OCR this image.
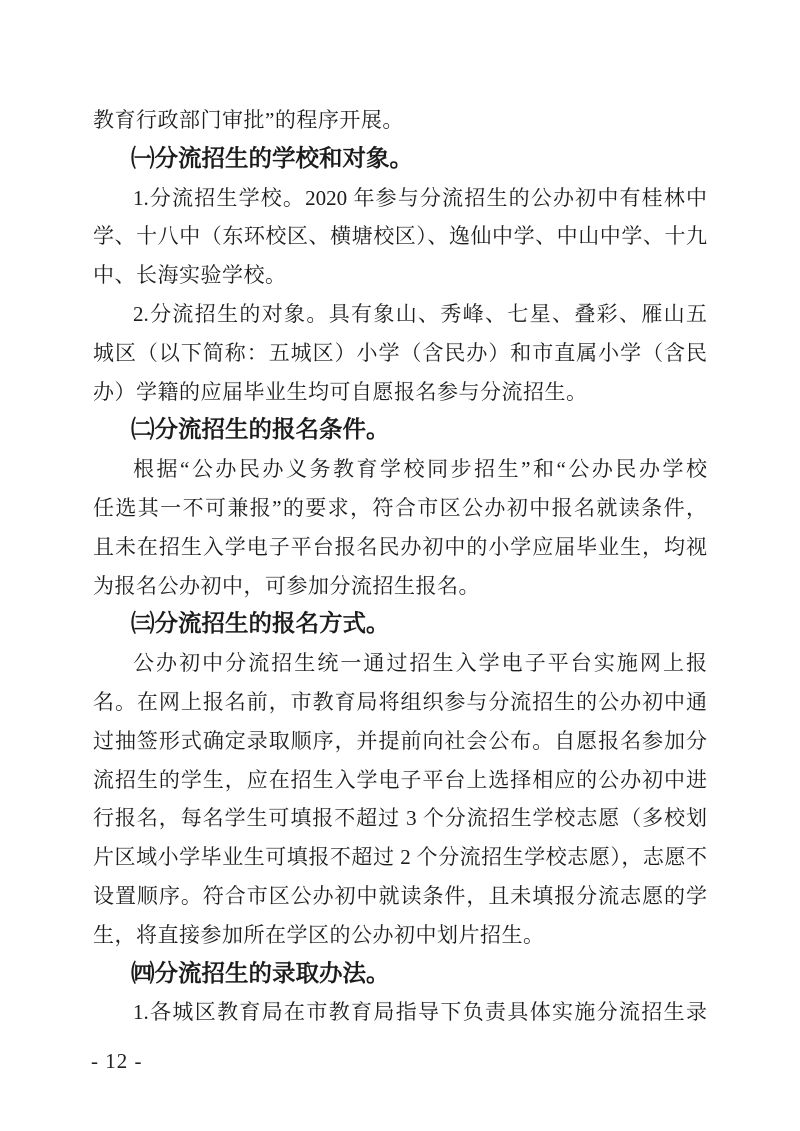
教育行政部门审批”的程序开展。
㈠分流招生的学校和对象。
1.分流招生学校。2020 年参与分流招生的公办初中有桂林中
学、十八中（东环校区、横塘校区）、逸仙中学、中山中学、十九
中、长海实验学校。
2.分流招生的对象。具有象山、秀峰、七星、叠彩、雁山五
城区（以下简称：五城区）小学（含民办）和市直属小学（含民
办）学籍的应届毕业生均可自愿报名参与分流招生。
㈡分流招生的报名条件。
根据“公办民办义务教育学校同步招生”和“公办民办学校
任选其一不可兼报”的要求，符合市区公办初中报名就读条件，
且未在招生入学电子平台报名民办初中的小学应届毕业生，均视
为报名公办初中，可参加分流招生报名。
㈢分流招生的报名方式。
公办初中分流招生统一通过招生入学电子平台实施网上报
名。在网上报名前，市教育局将组织参与分流招生的公办初中通
过抽签形式确定录取顺序，并提前向社会公布。自愿报名参加分
流招生的学生，应在招生入学电子平台上选择相应的公办初中进
行报名，每名学生可填报不超过 3 个分流招生学校志愿（多校划
片区域小学毕业生可填报不超过 2 个分流招生学校志愿），志愿不
设置顺序。符合市区公办初中就读条件，且未填报分流志愿的学
生，将直接参加所在学区的公办初中划片招生。
㈣分流招生的录取办法。
1.各城区教育局在市教育局指导下负责具体实施分流招生录
- 12 -
